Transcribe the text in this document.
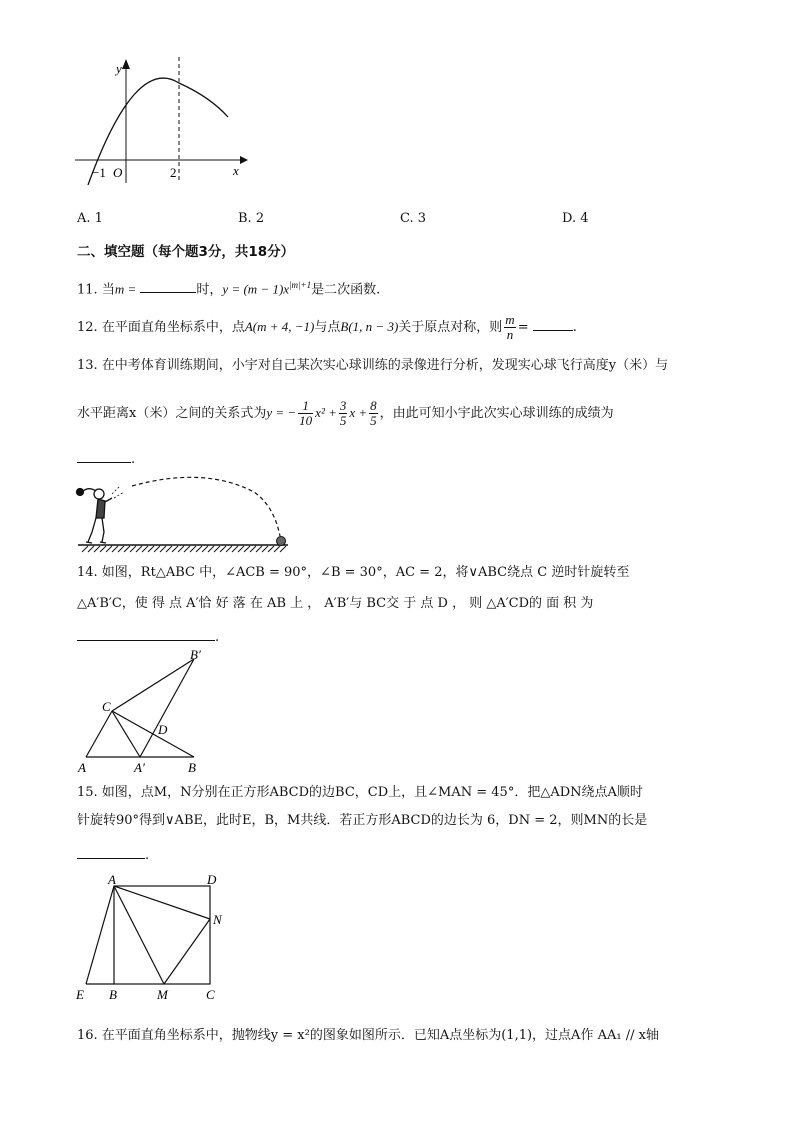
y
x
−1 O	2
A. 1	B. 2	C. 3	D. 4
二、填空题（每个题3分，共18分）
11. 当m =	时，$y = (m - 1)x^{|m|+1}$是二次函数.
12. 在平面直角坐标系中，点A(m + 4, −1)与点B(1, n − 3)关于原点对称，则 $\frac{m}{n}$ =	.
13. 在中考体育训练期间，小宇对自己某次实心球训练的录像进行分析，发现实心球飞行高度y（米）与
水平距离x（米）之间的关系式为y = − $\frac{1}{10} x^2 + \frac{3}{5}$ $x + \frac{8}{5}$ ，由此可知小宇此次实心球训练的成绩为
.
14. 如图，Rt△ABC 中，∠ACB = 90°，∠B = 30°，AC = 2，将∨ABC绕点 C 逆时针旋转至
△A′B′C，使 得 点 A′恰 好 落 在 AB 上 ， A′B′与 BC交 于 点 D ， 则 △A′CD的 面 积 为
.
B′
C
D
A	A′	B
15. 如图，点M，N分别在正方形ABCD的边BC，CD上，且∠MAN = 45°．把△ADN绕点A顺时
针旋转90°得到∨ABE，此时E，B，M共线．若正方形ABCD的边长为 6，DN = 2，则MN的长是
.
A	D
N
E B	M	C
16. 在平面直角坐标系中，抛物线y = x²的图象如图所示．已知A点坐标为(1,1)，过点A作 AA₁ // x轴
